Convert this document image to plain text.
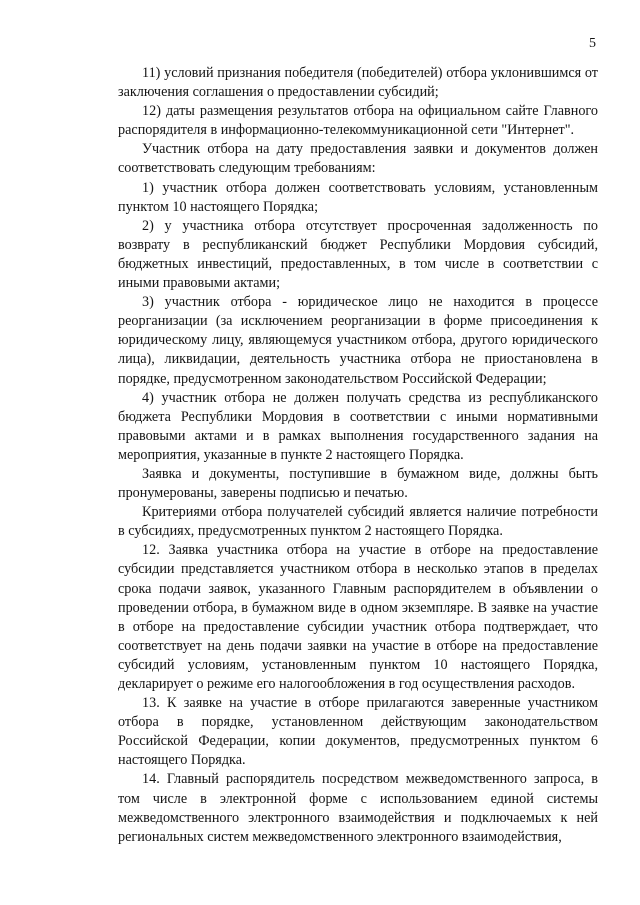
5

11) условий признания победителя (победителей) отбора уклонившимся от заключения соглашения о предоставлении субсидий;

12) даты размещения результатов отбора на официальном сайте Главного распорядителя в информационно-телекоммуникационной сети "Интернет".

Участник отбора на дату предоставления заявки и документов должен соответствовать следующим требованиям:

1) участник отбора должен соответствовать условиям, установленным пунктом 10 настоящего Порядка;

2) у участника отбора отсутствует просроченная задолженность по возврату в республиканский бюджет Республики Мордовия субсидий, бюджетных инвестиций, предоставленных, в том числе в соответствии с иными правовыми актами;

3) участник отбора - юридическое лицо не находится в процессе реорганизации (за исключением реорганизации в форме присоединения к юридическому лицу, являющемуся участником отбора, другого юридического лица), ликвидации, деятельность участника отбора не приостановлена в порядке, предусмотренном законодательством Российской Федерации;

4) участник отбора не должен получать средства из республиканского бюджета Республики Мордовия в соответствии с иными нормативными правовыми актами и в рамках выполнения государственного задания на мероприятия, указанные в пункте 2 настоящего Порядка.

Заявка и документы, поступившие в бумажном виде, должны быть пронумерованы, заверены подписью и печатью.

Критериями отбора получателей субсидий является наличие потребности в субсидиях, предусмотренных пунктом 2 настоящего Порядка.

12. Заявка участника отбора на участие в отборе на предоставление субсидии представляется участником отбора в несколько этапов в пределах срока подачи заявок, указанного Главным распорядителем в объявлении о проведении отбора, в бумажном виде в одном экземпляре. В заявке на участие в отборе на предоставление субсидии участник отбора подтверждает, что соответствует на день подачи заявки на участие в отборе на предоставление субсидий условиям, установленным пунктом 10 настоящего Порядка, декларирует о режиме его налогообложения в год осуществления расходов.

13. К заявке на участие в отборе прилагаются заверенные участником отбора в порядке, установленном действующим законодательством Российской Федерации, копии документов, предусмотренных пунктом 6 настоящего Порядка.

14. Главный распорядитель посредством межведомственного запроса, в том числе в электронной форме с использованием единой системы межведомственного электронного взаимодействия и подключаемых к ней региональных систем межведомственного электронного взаимодействия,
